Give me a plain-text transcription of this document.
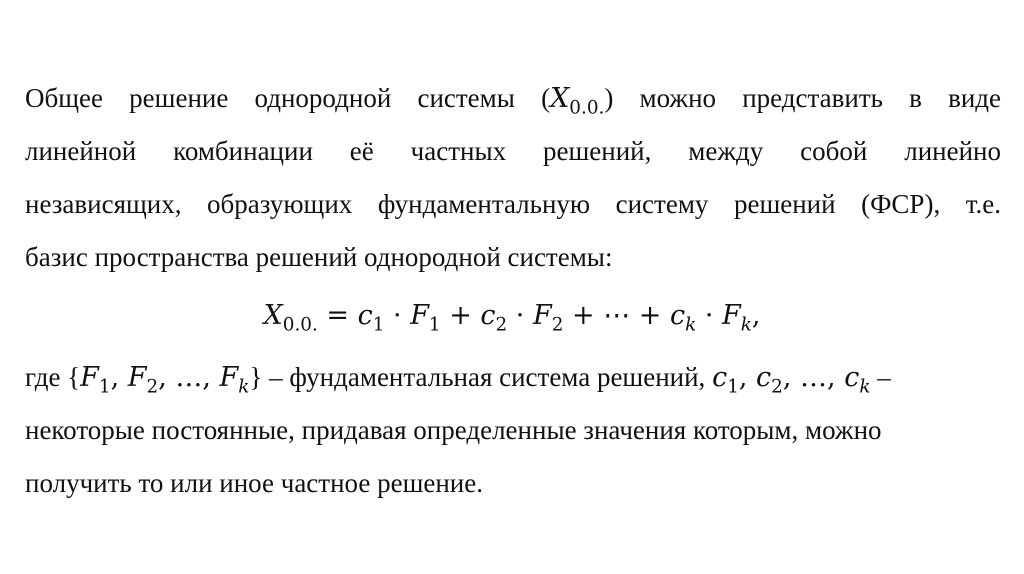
Общее решение однородной системы $(X_{0.0.})$ можно представить в виде
линейной комбинации её частных решений, между собой линейно
независящих, образующих фундаментальную систему решений (ФСР), т.е.
базис пространства решений однородной системы:
$X_{0.0.} = c_1 \cdot F_1 + c_2 \cdot F_2$ + ⋯ + $c_k \cdot F_k$,
где {$F_1$, $F_2$, …, $F_k$} – фундаментальная система решений, $c_1$, $c_2$, …, $c_k$ –
некоторые постоянные, придавая определенные значения которым, можно
получить то или иное частное решение.
